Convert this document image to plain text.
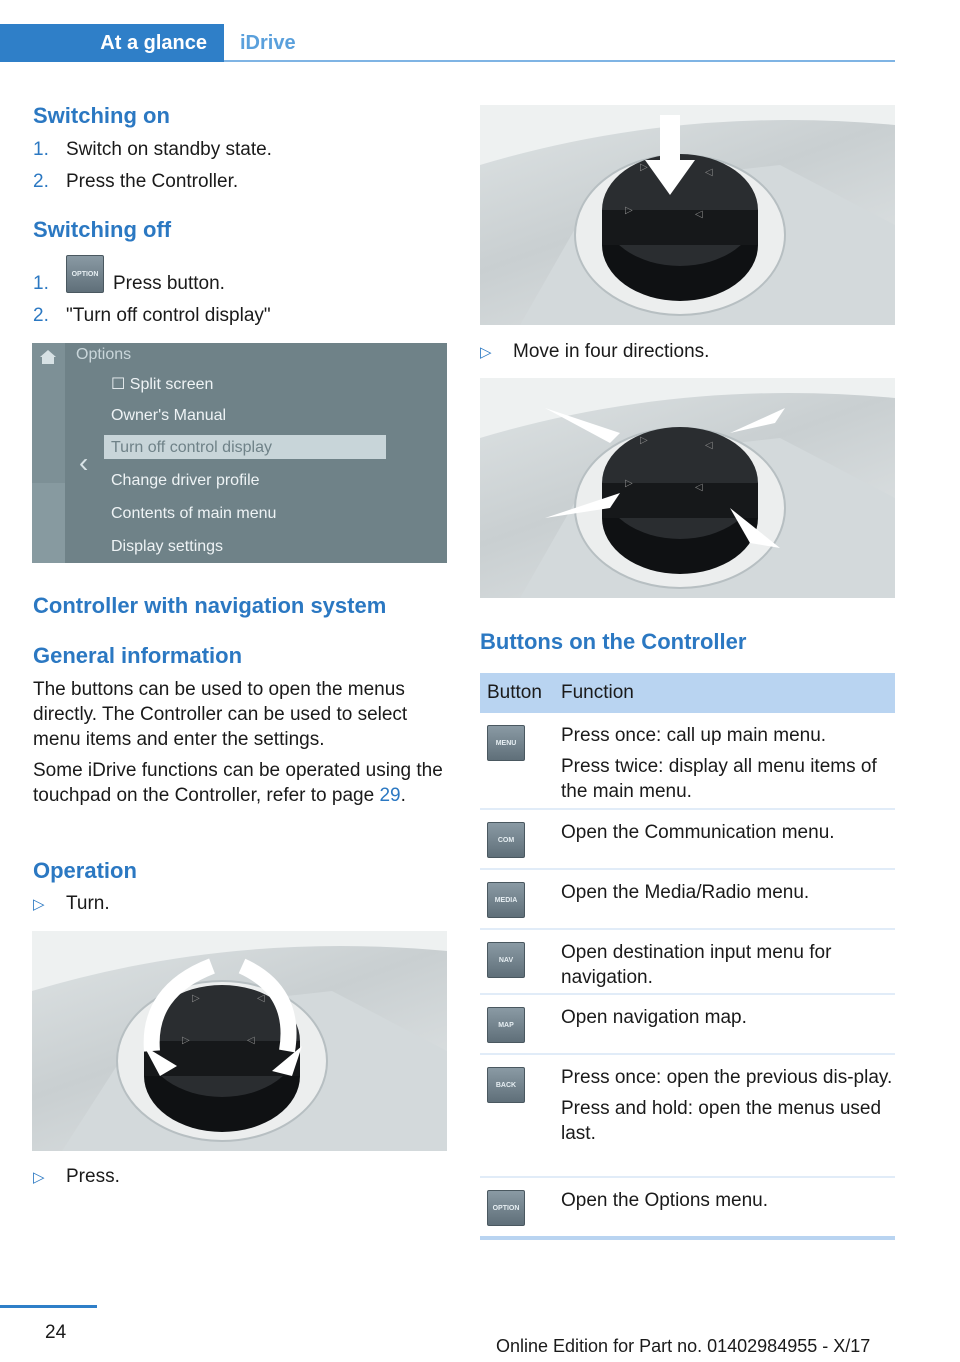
At a glance	iDrive
Switching on
1. Switch on standby state.
2. Press the Controller.
Switching off
1.	OPTION Press button.
2. "Turn off control display"
Options
‹
☐ Split screen
Owner's Manual
Turn off control display
Change driver profile
Contents of main menu
Display settings
Controller with navigation system
General information
The buttons can be used to open the menus directly. The Controller can be used to select menu items and enter the settings.
Some iDrive functions can be operated using the touchpad on the Controller, refer to page 29.
Operation
▷ Turn.
▷	◁
▷	◁
▷ Press.
▷	◁
▷	◁
▷ Move in four directions.
▷	◁
▷	◁
Buttons on the Controller
Button	Function
MENU	Press once: call up main menu.

Press twice: display all menu items of the main menu.

COM	Open the Communication menu.

MEDIA	Open the Media/Radio menu.

NAV	Open destination input menu for navigation.

MAP	Open navigation map.

BACK	Press once: open the previous dis-play.

Press and hold: open the menus used last.

OPTION Open the Options menu.

24
Online Edition for Part no. 01402984955 - X/17
